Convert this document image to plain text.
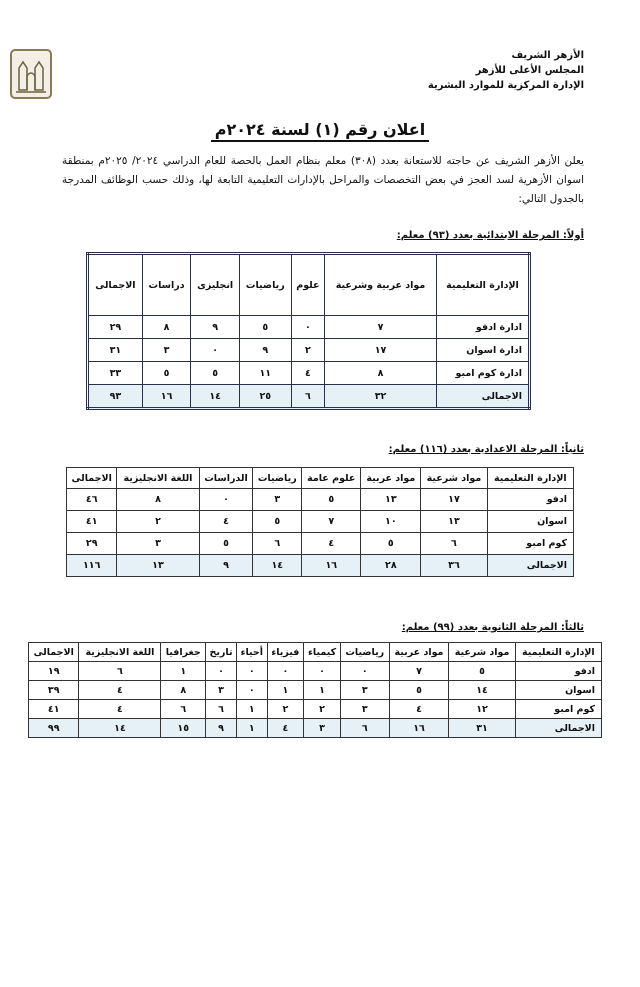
الأزهر الشريف
المجلس الأعلى للأزهر
الإدارة المركزية للموارد البشرية
اعلان رقم (١) لسنة ٢٠٢٤م
يعلن الأزهر الشريف عن حاجته للاستعانة بعدد (٣٠٨) معلم بنظام العمل بالحصة للعام الدراسي ٢٠٢٤/ ٢٠٢٥م بمنطقة اسوان الأزهرية لسد العجز في بعض التخصصات والمراحل بالإدارات التعليمية التابعة لها، وذلك حسب الوظائف المدرجة بالجدول التالي:
أولاً: المرحلة الابتدائية بعدد (٩٣) معلم:
الإدارة التعليمية	مواد عربية وشرعية	علوم	رياضيات	انجليزى	دراسات	الاجمالى
ادارة ادفو	٧	٠	٥	٩	٨	٢٩
ادارة اسوان	١٧	٢	٩	٠	٣	٣١
ادارة كوم امبو	٨	٤	١١	٥	٥	٣٣
الاجمالى	٣٢	٦	٢٥	١٤	١٦	٩٣
ثانياً: المرحلة الاعدادية بعدد (١١٦) معلم:
الإدارة التعليمية	مواد شرعية	مواد عربية	علوم عامة	رياضيات	الدراسات	اللغة الانجليزية	الاجمالى
ادفو	١٧	١٣	٥	٣	٠	٨	٤٦
اسوان	١٣	١٠	٧	٥	٤	٢	٤١
كوم امبو	٦	٥	٤	٦	٥	٣	٢٩
الاجمالى	٣٦	٢٨	١٦	١٤	٩	١٣	١١٦
ثالثاً: المرحلة الثانوية بعدد (٩٩) معلم:
الإدارة التعليمية	مواد شرعية	مواد عربية	رياضيات	كيمياء	فيزياء	أحياء	تاريخ	جغرافيا	اللغة الانجليزية	الاجمالى
ادفو	٥	٧	٠	٠	٠	٠	٠	١	٦	١٩
اسوان	١٤	٥	٣	١	١	٠	٣	٨	٤	٣٩
كوم امبو	١٢	٤	٣	٢	٢	١	٦	٦	٤	٤١
الاجمالى	٣١	١٦	٦	٣	٤	١	٩	١٥	١٤	٩٩
